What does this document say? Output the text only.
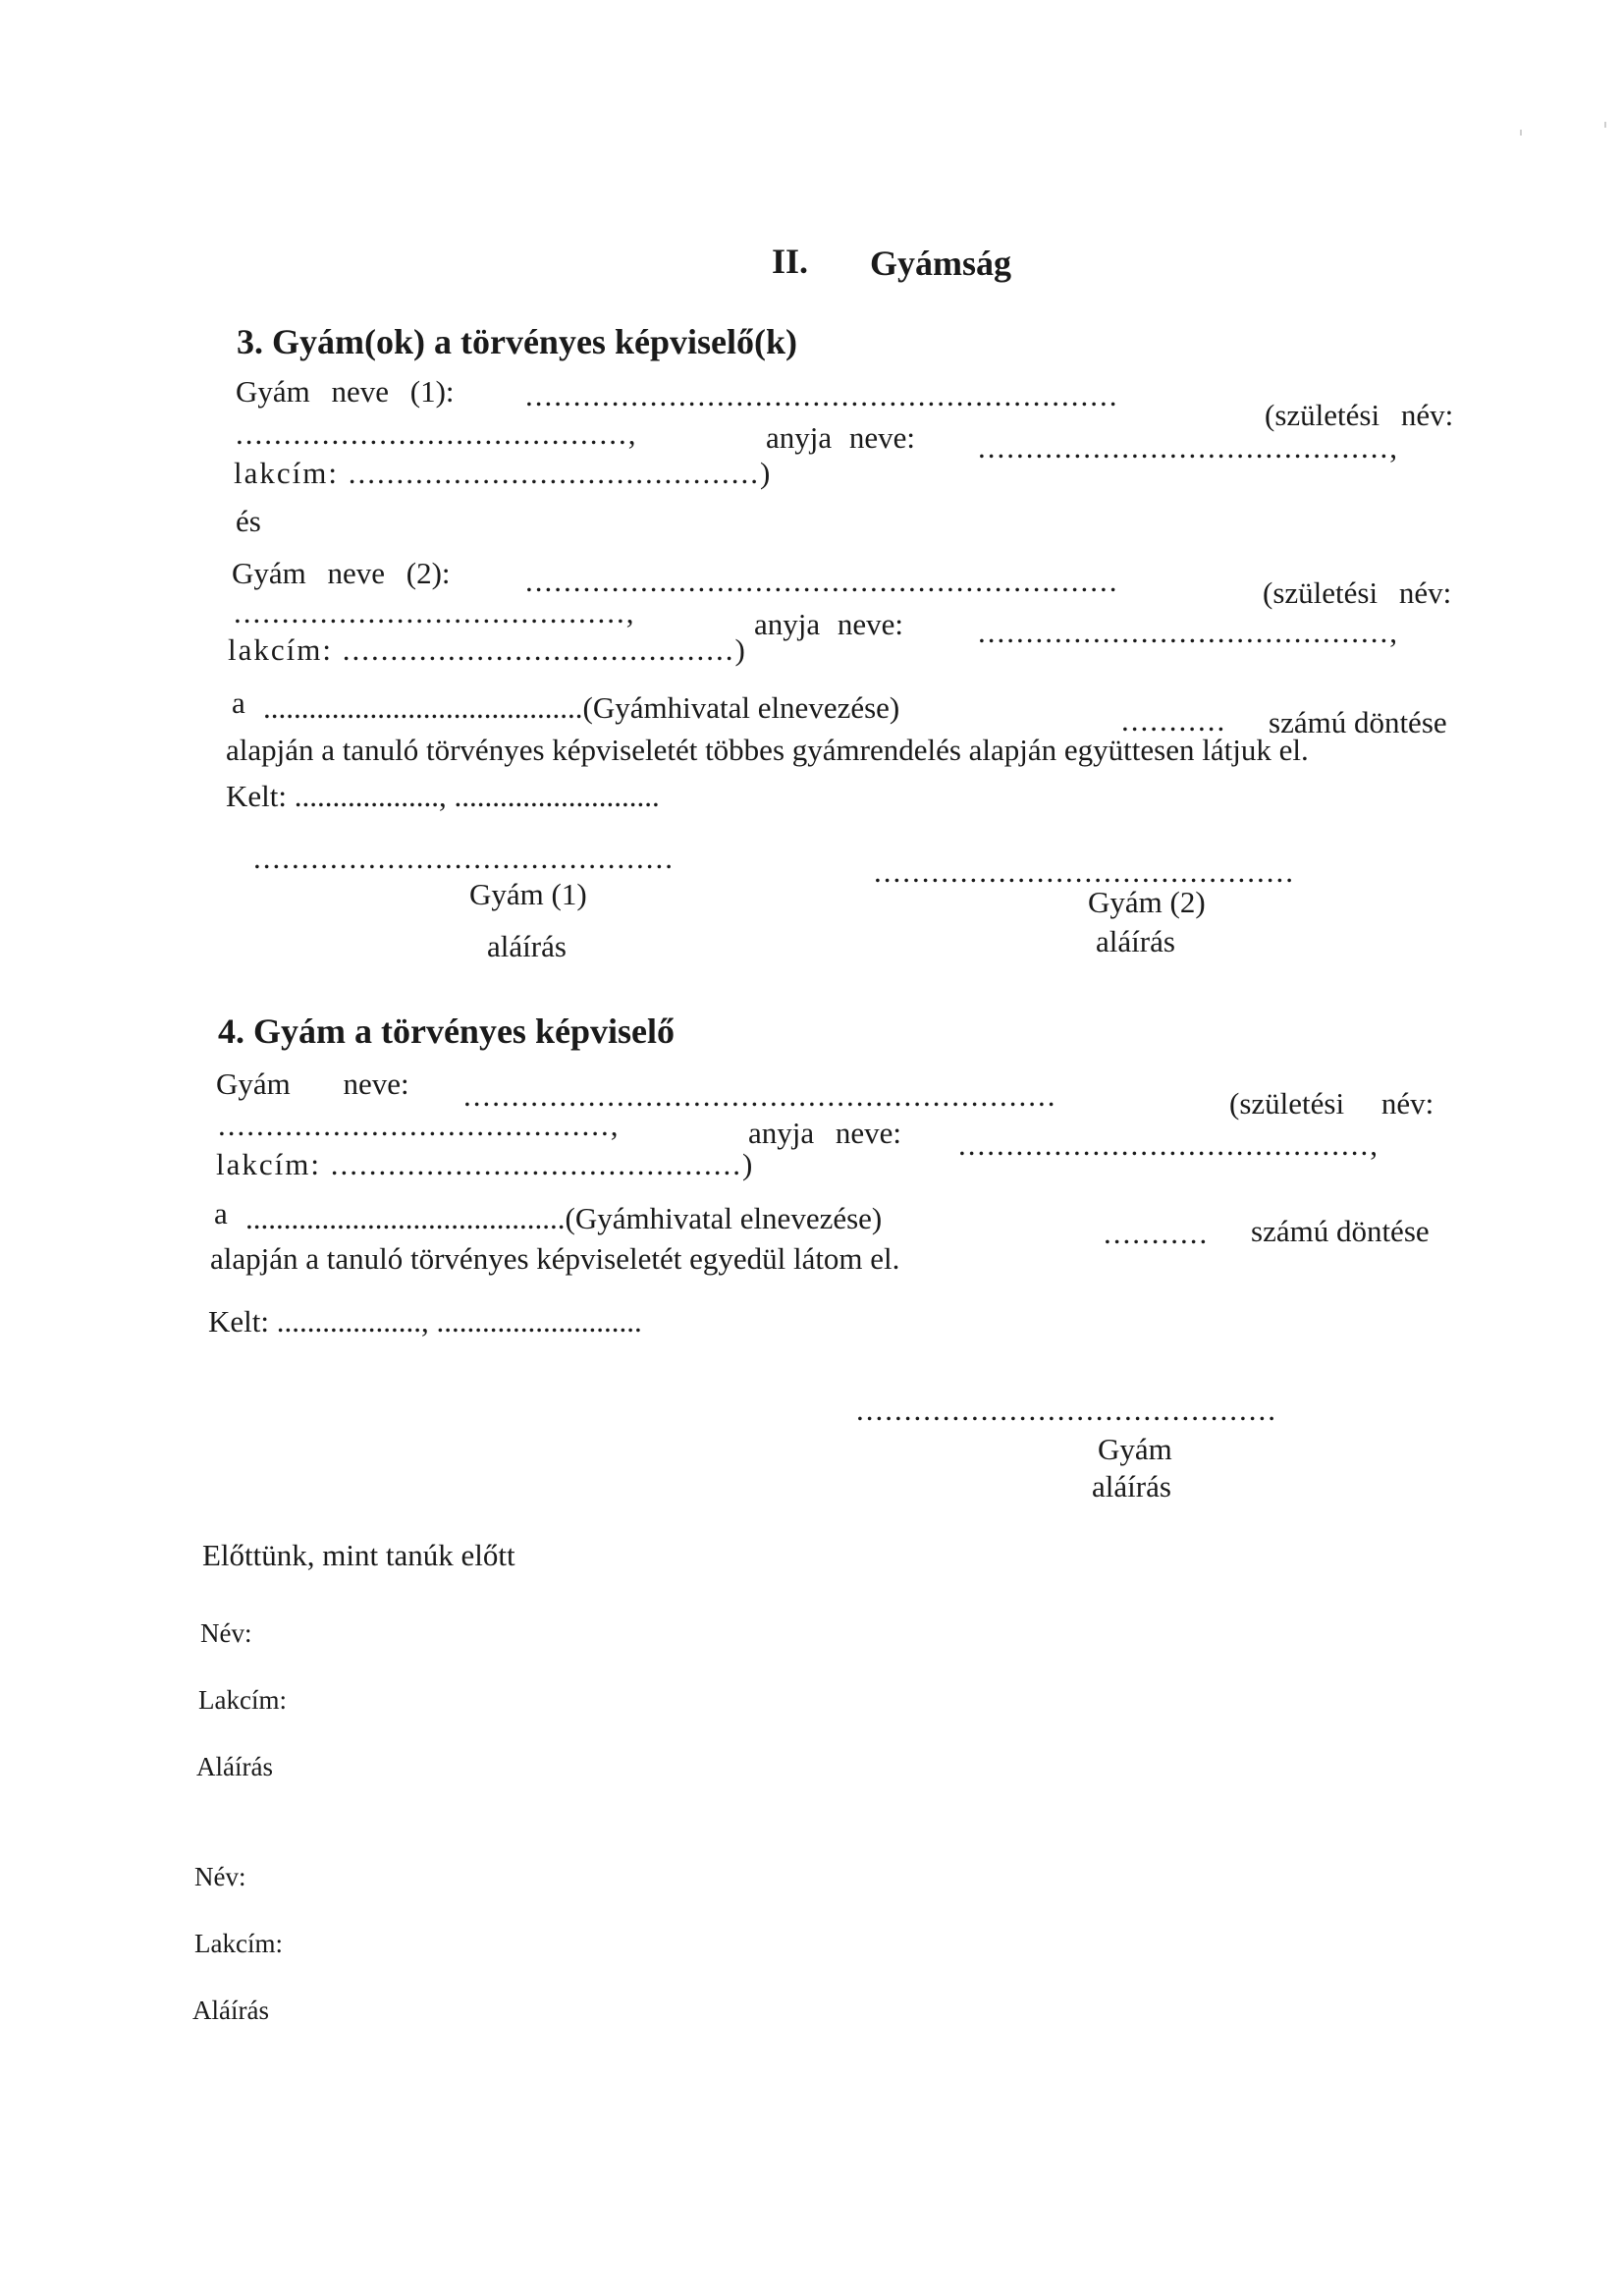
II. Gyámság
3. Gyám(ok) a törvényes képviselő(k)
Gyám neve (1): ..............................................................
(születési név:
.........................................,	anyja neve: ...........................................,
lakcím: ...........................................)
és
Gyám neve (2): ..............................................................	(születési név:
.........................................,	anyja neve: ...........................................,
lakcím: .........................................)
a ..........................................(Gyámhivatal elnevezése)	........... számú döntése
alapján a tanuló törvényes képviseletét többes gyámrendelés alapján együttesen látjuk el.
Kelt: ..................., ...........................
............................................	............................................
Gyám (1)
aláírás
Gyám (2)
aláírás
4. Gyám a törvényes képviselő
Gyám neve: ..............................................................	(születési név:
.........................................,	anyja neve: ...........................................,
lakcím: ...........................................)
a ..........................................(Gyámhivatal elnevezése)	........... számú döntése
alapján a tanuló törvényes képviseletét egyedül látom el.
Kelt: ..................., ...........................
............................................
Gyám
aláírás
Előttünk, mint tanúk előtt
Név:
Lakcím:
Aláírás
Név:
Lakcím:
Aláírás
